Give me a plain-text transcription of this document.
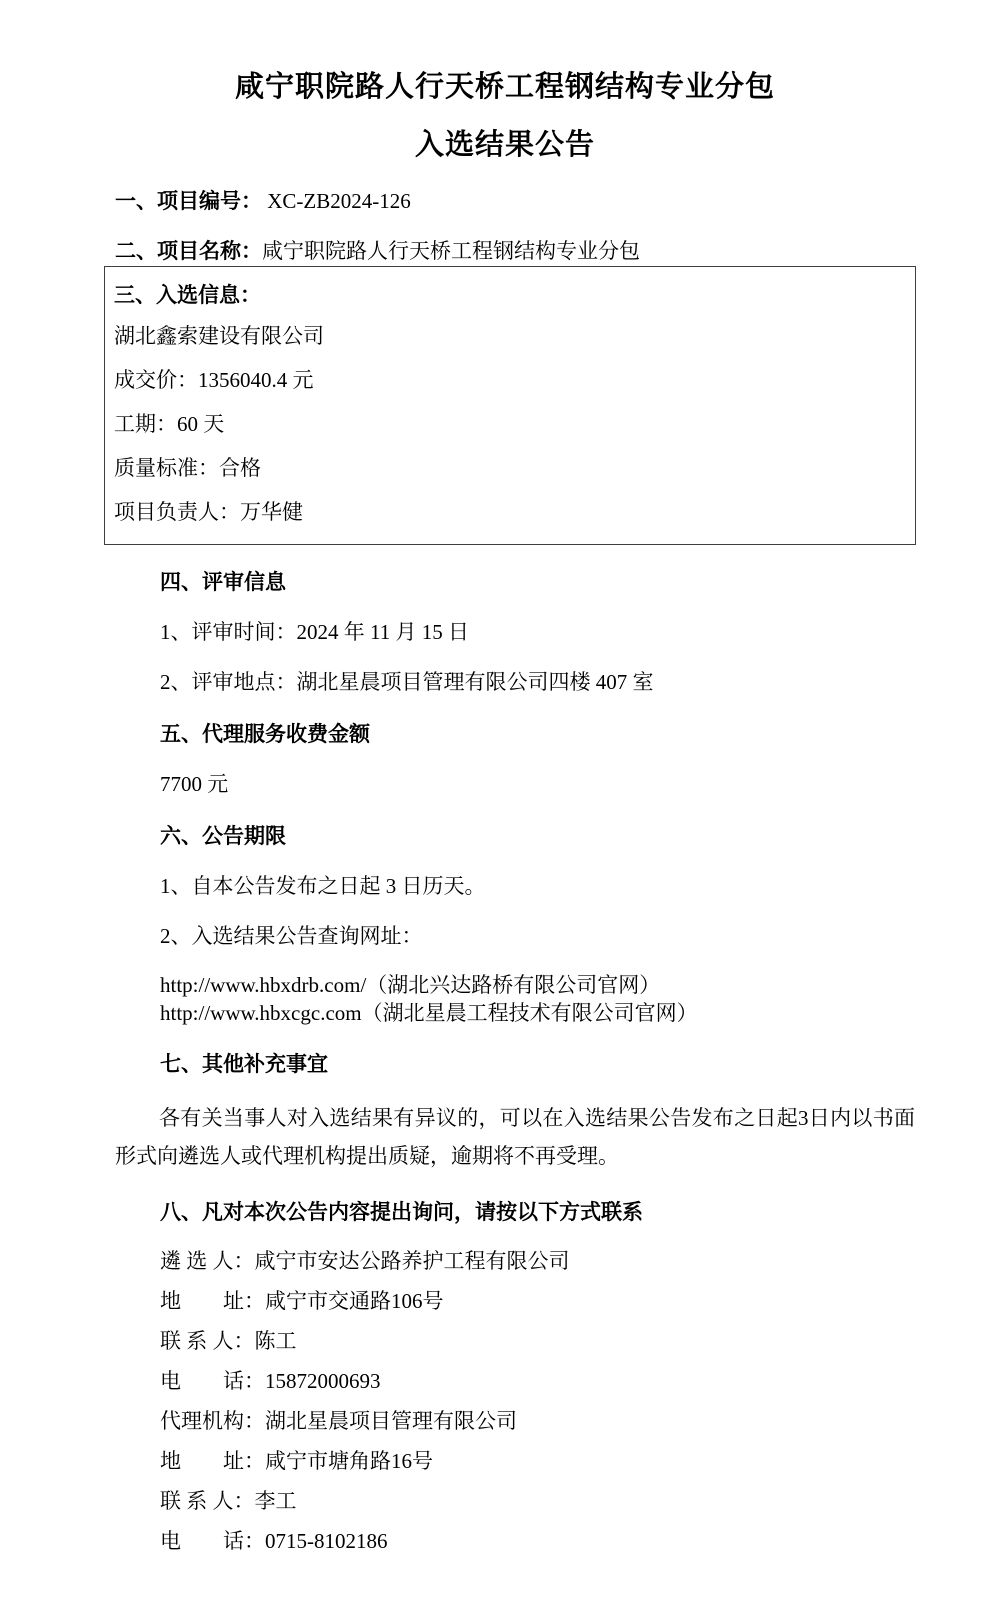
咸宁职院路人行天桥工程钢结构专业分包
入选结果公告

一、项目编号： XC-ZB2024-126

二、项目名称：咸宁职院路人行天桥工程钢结构专业分包

三、入选信息：

湖北鑫索建设有限公司

成交价：1356040.4 元

工期：60 天

质量标准：合格

项目负责人：万华健

四、评审信息

1、评审时间：2024 年 11 月 15 日

2、评审地点：湖北星晨项目管理有限公司四楼 407 室

五、代理服务收费金额

7700 元

六、公告期限

1、自本公告发布之日起 3 日历天。

2、入选结果公告查询网址：

http://www.hbxdrb.com/（湖北兴达路桥有限公司官网）

http://www.hbxcgc.com（湖北星晨工程技术有限公司官网）

七、其他补充事宜

各有关当事人对入选结果有异议的，可以在入选结果公告发布之日起3日内以书面形式向遴选人或代理机构提出质疑，逾期将不再受理。

八、凡对本次公告内容提出询问，请按以下方式联系

遴 选 人：咸宁市安达公路养护工程有限公司

地　　址：咸宁市交通路106号

联 系 人：陈工

电　　话：15872000693

代理机构：湖北星晨项目管理有限公司

地　　址：咸宁市塘角路16号

联 系 人：李工

电　　话：0715-8102186
